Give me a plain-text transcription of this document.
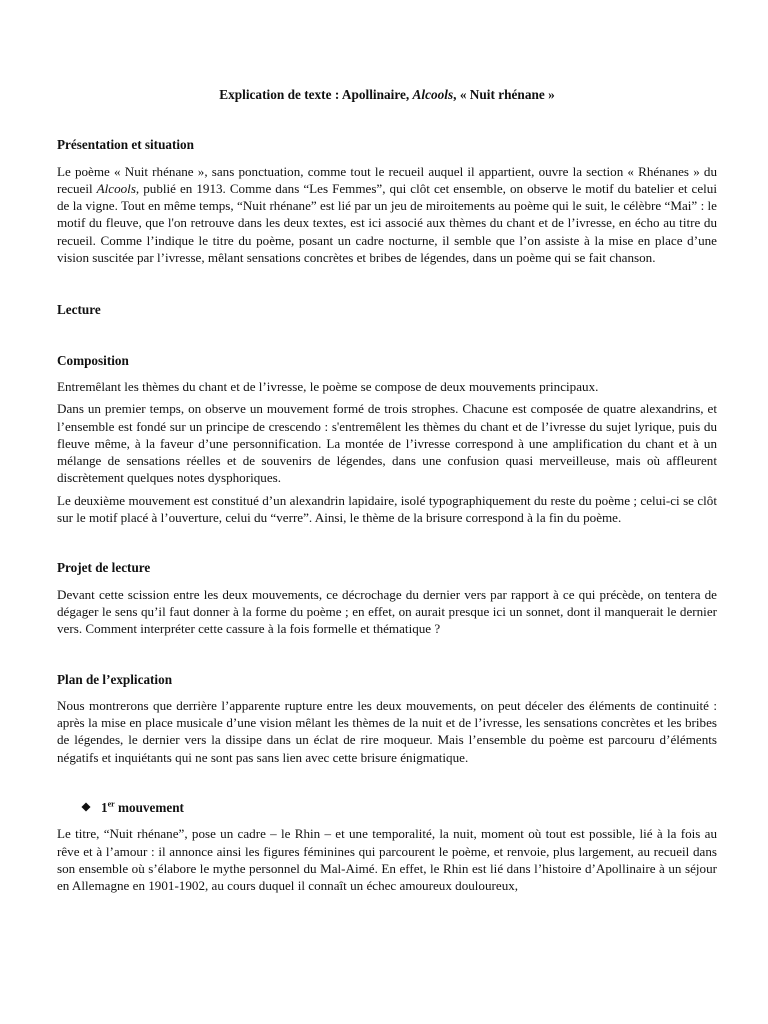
Explication de texte : Apollinaire, Alcools, « Nuit rhénane »

Présentation et situation

Le poème « Nuit rhénane », sans ponctuation, comme tout le recueil auquel il appartient, ouvre la section « Rhénanes » du recueil Alcools, publié en 1913. Comme dans “Les Femmes”, qui clôt cet ensemble, on observe le motif du batelier et celui de la vigne. Tout en même temps, “Nuit rhénane” est lié par un jeu de miroitements au poème qui le suit, le célèbre “Mai” : le motif du fleuve, que l'on retrouve dans les deux textes, est ici associé aux thèmes du chant et de l’ivresse, en écho au titre du recueil. Comme l’indique le titre du poème, posant un cadre nocturne, il semble que l’on assiste à la mise en place d’une vision suscitée par l’ivresse, mêlant sensations concrètes et bribes de légendes, dans un poème qui se fait chanson.

Lecture

Composition

Entremêlant les thèmes du chant et de l’ivresse, le poème se compose de deux mouvements principaux.

Dans un premier temps, on observe un mouvement formé de trois strophes. Chacune est composée de quatre alexandrins, et l’ensemble est fondé sur un principe de crescendo : s'entremêlent les thèmes du chant et de l’ivresse du sujet lyrique, puis du fleuve même, à la faveur d’une personnification. La montée de l’ivresse correspond à une amplification du chant et à un mélange de sensations réelles et de souvenirs de légendes, dans une confusion quasi merveilleuse, mais où affleurent discrètement quelques notes dysphoriques.

Le deuxième mouvement est constitué d’un alexandrin lapidaire, isolé typographiquement du reste du poème ; celui-ci se clôt sur le motif placé à l’ouverture, celui du “verre”. Ainsi, le thème de la brisure correspond à la fin du poème.

Projet de lecture

Devant cette scission entre les deux mouvements, ce décrochage du dernier vers par rapport à ce qui précède, on tentera de dégager le sens qu’il faut donner à la forme du poème ; en effet, on aurait presque ici un sonnet, dont il manquerait le dernier vers. Comment interpréter cette cassure à la fois formelle et thématique ?

Plan de l’explication

Nous montrerons que derrière l’apparente rupture entre les deux mouvements, on peut déceler des éléments de continuité : après la mise en place musicale d’une vision mêlant les thèmes de la nuit et de l’ivresse, les sensations concrètes et les bribes de légendes, le dernier vers la dissipe dans un éclat de rire moqueur. Mais l’ensemble du poème est parcouru d’éléments négatifs et inquiétants qui ne sont pas sans lien avec cette brisure énigmatique.

1er mouvement

Le titre, “Nuit rhénane”, pose un cadre – le Rhin – et une temporalité, la nuit, moment où tout est possible, lié à la fois au rêve et à l’amour : il annonce ainsi les figures féminines qui parcourent le poème, et renvoie, plus largement, au recueil dans son ensemble où s’élabore le mythe personnel du Mal-Aimé. En effet, le Rhin est lié dans l’histoire d’Apollinaire à un séjour en Allemagne en 1901-1902, au cours duquel il connaît un échec amoureux douloureux,
